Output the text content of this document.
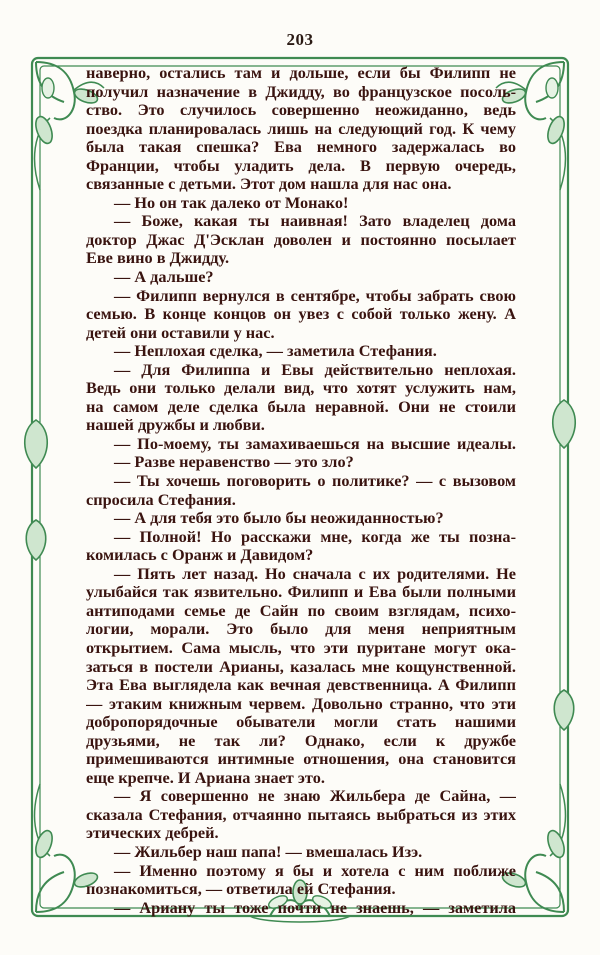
203
наверно, остались там и дольше, если бы Филипп не
получил назначение в Джидду, во французское посоль-
ство. Это случилось совершенно неожиданно, ведь
поездка планировалась лишь на следующий год. К чему
была такая спешка? Ева немного задержалась во
Франции, чтобы уладить дела. В первую очередь,
связанные с детьми. Этот дом нашла для нас она.
— Но он так далеко от Монако!
— Боже, какая ты наивная! Зато владелец дома
доктор Джас Д'Эсклан доволен и постоянно посылает
Еве вино в Джидду.
— А дальше?
— Филипп вернулся в сентябре, чтобы забрать свою
семью. В конце концов он увез с собой только жену. А
детей они оставили у нас.
— Неплохая сделка, — заметила Стефания.
— Для Филиппа и Евы действительно неплохая.
Ведь они только делали вид, что хотят услужить нам,
на самом деле сделка была неравной. Они не стоили
нашей дружбы и любви.
— По-моему, ты замахиваешься на высшие идеалы.
— Разве неравенство — это зло?
— Ты хочешь поговорить о политике? — с вызовом
спросила Стефания.
— А для тебя это было бы неожиданностью?
— Полной! Но расскажи мне, когда же ты позна-
комилась с Оранж и Давидом?
— Пять лет назад. Но сначала с их родителями. Не
улыбайся так язвительно. Филипп и Ева были полными
антиподами семье де Сайн по своим взглядам, психо-
логии, морали. Это было для меня неприятным
открытием. Сама мысль, что эти пуритане могут ока-
заться в постели Арианы, казалась мне кощунственной.
Эта Ева выглядела как вечная девственница. А Филипп
— этаким книжным червем. Довольно странно, что эти
добропорядочные обыватели могли стать нашими
друзьями, не так ли? Однако, если к дружбе
примешиваются интимные отношения, она становится
еще крепче. И Ариана знает это.
— Я совершенно не знаю Жильбера де Сайна, —
сказала Стефания, отчаянно пытаясь выбраться из этих
этических дебрей.
— Жильбер наш папа! — вмешалась Изэ.
— Именно поэтому я бы и хотела с ним поближе
познакомиться, — ответила ей Стефания.
— Ариану ты тоже почти не знаешь, — заметила
